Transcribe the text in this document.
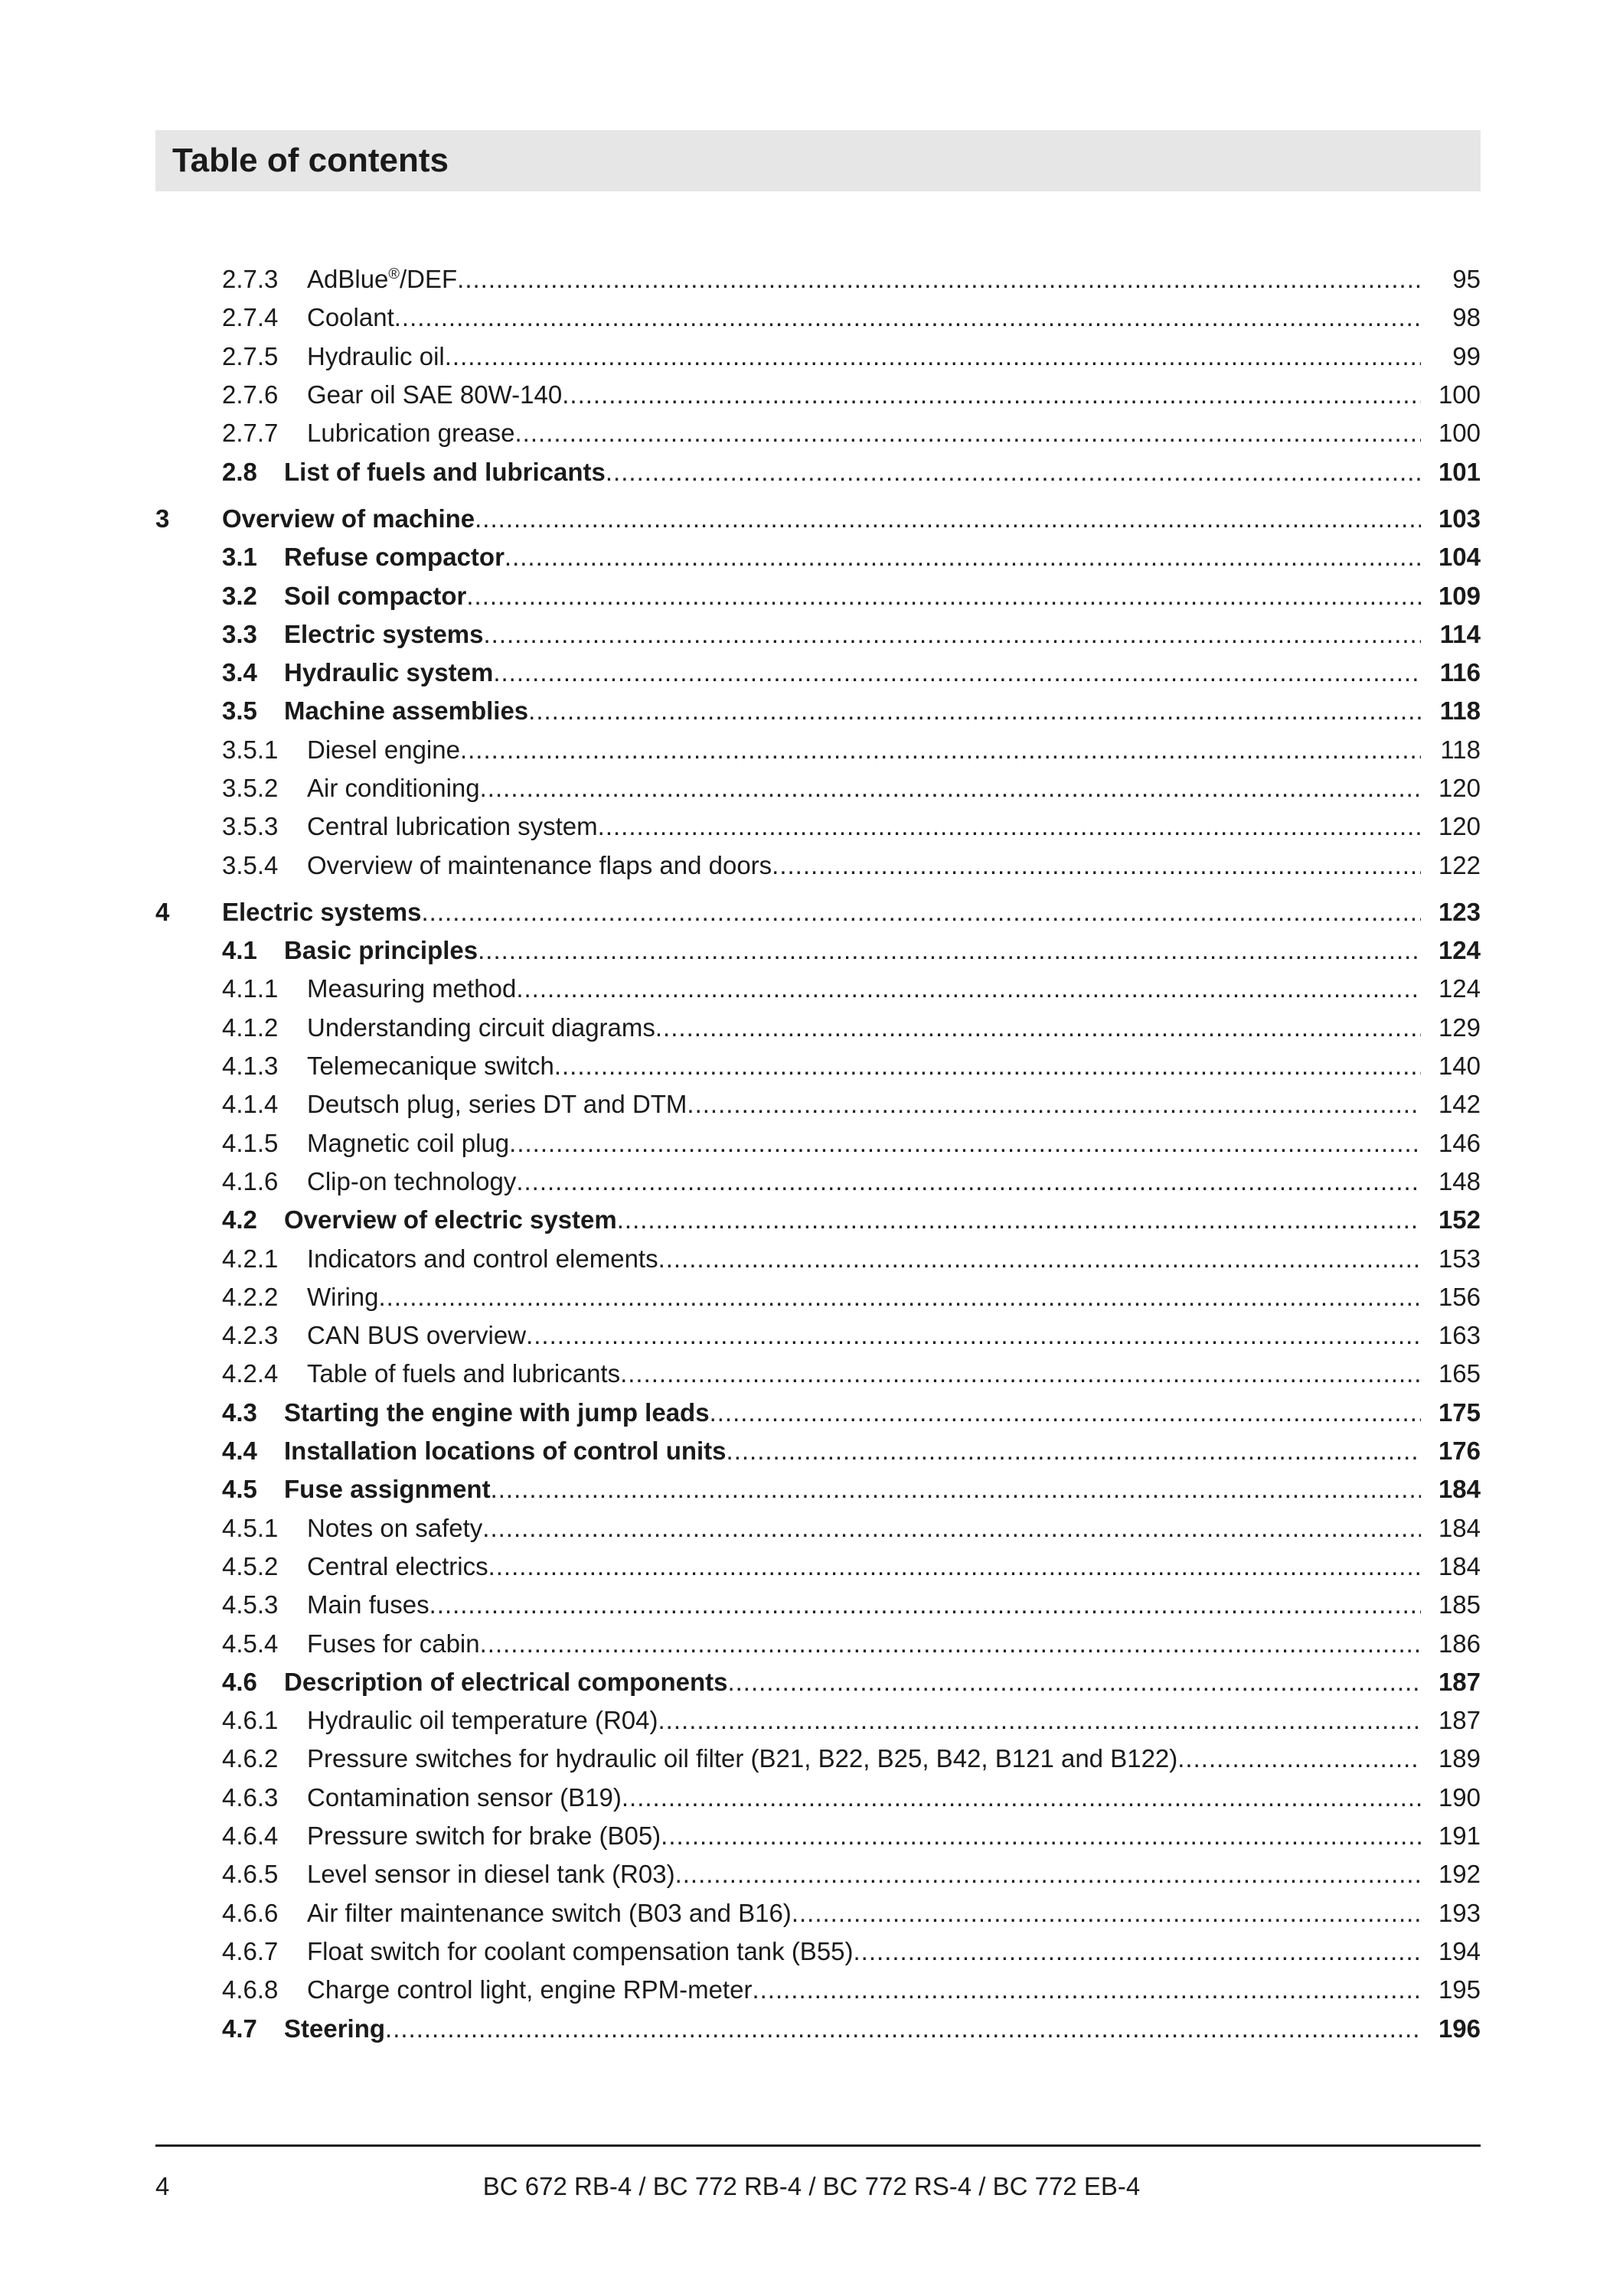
Table of contents
2.7.3	AdBlue®/DEF .....	95
2.7.4	Coolant .....	98
2.7.5	Hydraulic oil .....	99
2.7.6	Gear oil SAE 80W-140 .....	100
2.7.7	Lubrication grease .....	100
2.8	List of fuels and lubricants .....	101
3	Overview of machine .....	103
3.1	Refuse compactor .....	104
3.2	Soil compactor .....	109
3.3	Electric systems .....	114
3.4	Hydraulic system .....	116
3.5	Machine assemblies .....	118
3.5.1	Diesel engine .....	118
3.5.2	Air conditioning .....	120
3.5.3	Central lubrication system .....	120
3.5.4	Overview of maintenance flaps and doors .....	122
4	Electric systems .....	123
4.1	Basic principles .....	124
4.1.1	Measuring method .....	124
4.1.2	Understanding circuit diagrams .....	129
4.1.3	Telemecanique switch .....	140
4.1.4	Deutsch plug, series DT and DTM .....	142
4.1.5	Magnetic coil plug .....	146
4.1.6	Clip-on technology .....	148
4.2	Overview of electric system .....	152
4.2.1	Indicators and control elements .....	153
4.2.2	Wiring .....	156
4.2.3	CAN BUS overview .....	163
4.2.4	Table of fuels and lubricants .....	165
4.3	Starting the engine with jump leads .....	175
4.4	Installation locations of control units .....	176
4.5	Fuse assignment .....	184
4.5.1	Notes on safety .....	184
4.5.2	Central electrics .....	184
4.5.3	Main fuses .....	185
4.5.4	Fuses for cabin .....	186
4.6	Description of electrical components .....	187
4.6.1	Hydraulic oil temperature (R04) .....	187
4.6.2	Pressure switches for hydraulic oil filter (B21, B22, B25, B42, B121 and B122) .....	189
4.6.3	Contamination sensor (B19) .....	190
4.6.4	Pressure switch for brake (B05) .....	191
4.6.5	Level sensor in diesel tank (R03) .....	192
4.6.6	Air filter maintenance switch (B03 and B16) .....	193
4.6.7	Float switch for coolant compensation tank (B55) .....	194
4.6.8	Charge control light, engine RPM-meter .....	195
4.7	Steering .....	196
4	BC 672 RB-4 / BC 772 RB-4 / BC 772 RS-4 / BC 772 EB-4
